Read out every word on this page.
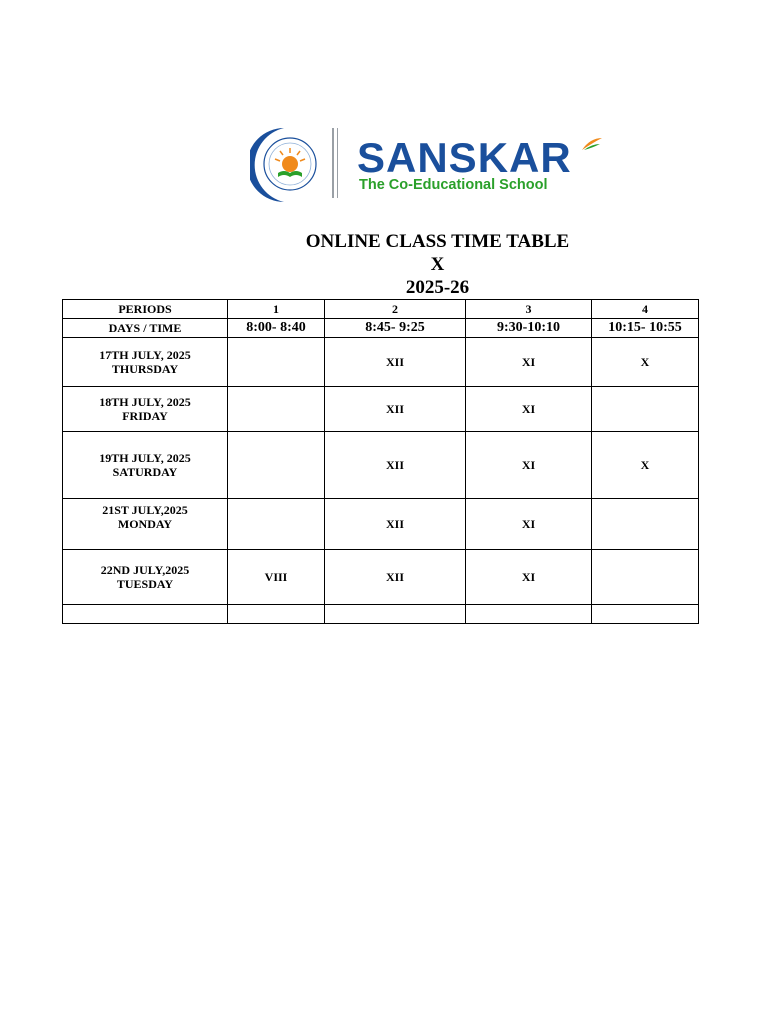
SANSKAR
The Co-Educational School
ONLINE CLASS TIME TABLE
X
2025-26
PERIODS	1	2	3	4
DAYS / TIME	8:00- 8:40	8:45- 9:25	9:30-10:10	10:15- 10:55

17TH JULY, 2025
THURSDAY		XII	XI	X

18TH JULY, 2025
FRIDAY		XII	XI	

19TH JULY, 2025
SATURDAY		XII	XI	X

21ST JULY,2025
MONDAY		XII	XI	

22ND JULY,2025
TUESDAY	VIII	XII	XI	
